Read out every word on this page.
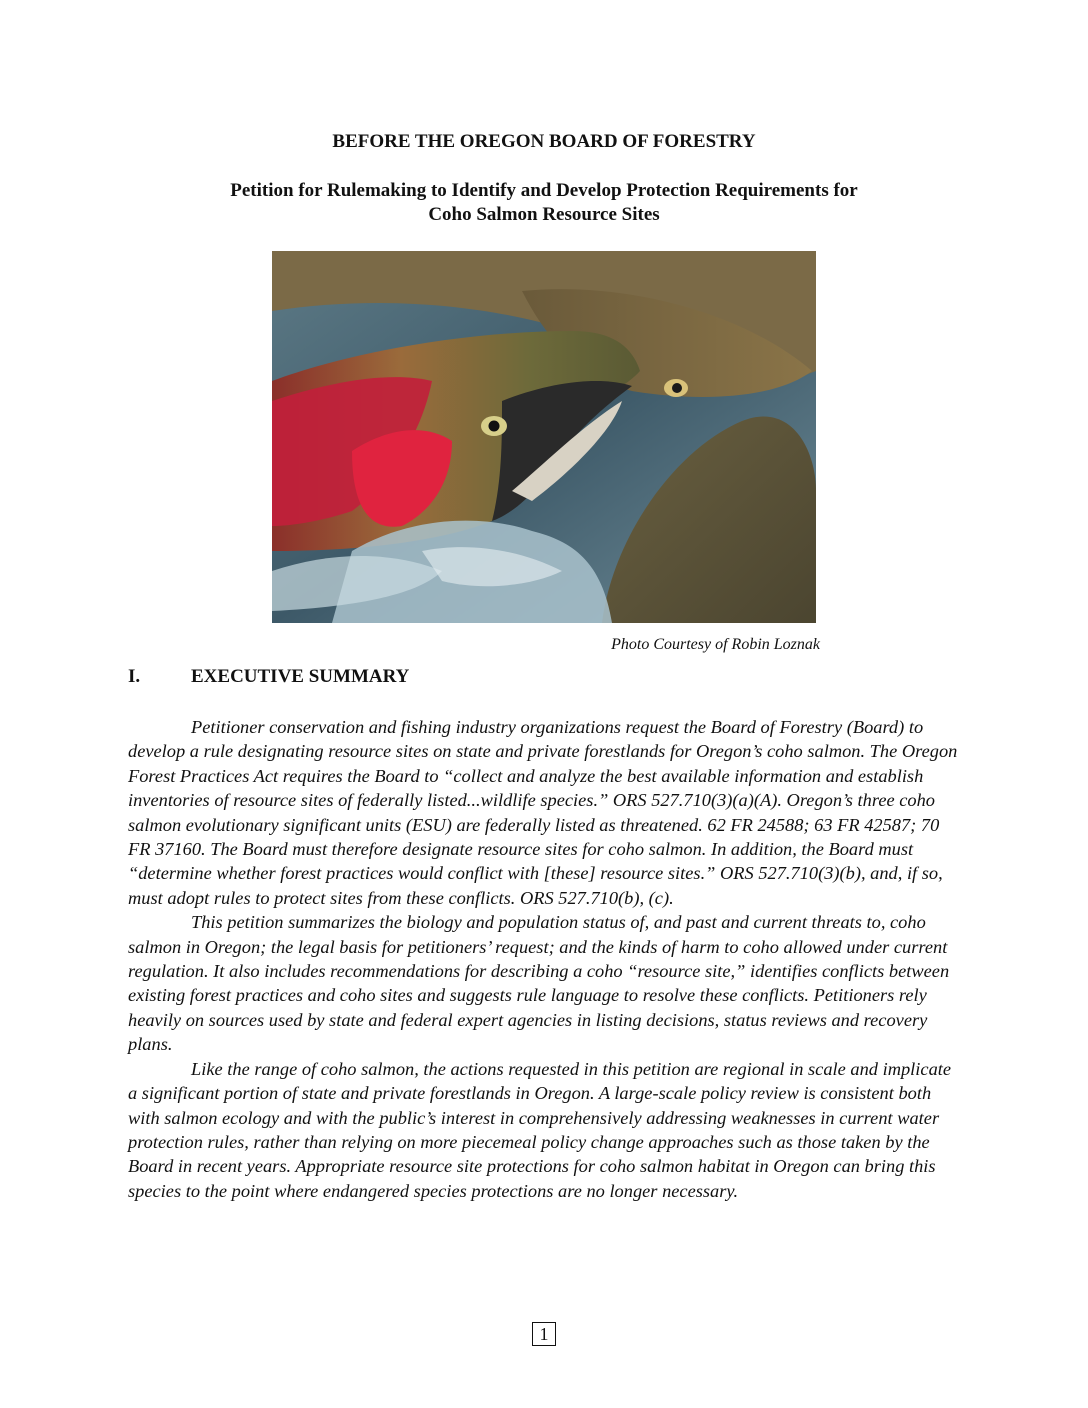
BEFORE THE OREGON BOARD OF FORESTRY
Petition for Rulemaking to Identify and Develop Protection Requirements for
Coho Salmon Resource Sites

Photo Courtesy of Robin Loznak

I.	EXECUTIVE SUMMARY

Petitioner conservation and fishing industry organizations request the Board of Forestry (Board) to develop a rule designating resource sites on state and private forestlands for Oregon’s coho salmon. The Oregon Forest Practices Act requires the Board to “collect and analyze the best available information and establish inventories of resource sites of federally listed...wildlife species.” ORS 527.710(3)(a)(A). Oregon’s three coho salmon evolutionary significant units (ESU) are federally listed as threatened. 62 FR 24588; 63 FR 42587; 70 FR 37160. The Board must therefore designate resource sites for coho salmon. In addition, the Board must “determine whether forest practices would conflict with [these] resource sites.” ORS 527.710(3)(b), and, if so, must adopt rules to protect sites from these conflicts. ORS 527.710(b), (c).

This petition summarizes the biology and population status of, and past and current threats to, coho salmon in Oregon; the legal basis for petitioners’ request; and the kinds of harm to coho allowed under current regulation. It also includes recommendations for describing a coho “resource site,” identifies conflicts between existing forest practices and coho sites and suggests rule language to resolve these conflicts. Petitioners rely heavily on sources used by state and federal expert agencies in listing decisions, status reviews and recovery plans.

Like the range of coho salmon, the actions requested in this petition are regional in scale and implicate a significant portion of state and private forestlands in Oregon. A large-scale policy review is consistent both with salmon ecology and with the public’s interest in comprehensively addressing weaknesses in current water protection rules, rather than relying on more piecemeal policy change approaches such as those taken by the Board in recent years. Appropriate resource site protections for coho salmon habitat in Oregon can bring this species to the point where endangered species protections are no longer necessary.

1
